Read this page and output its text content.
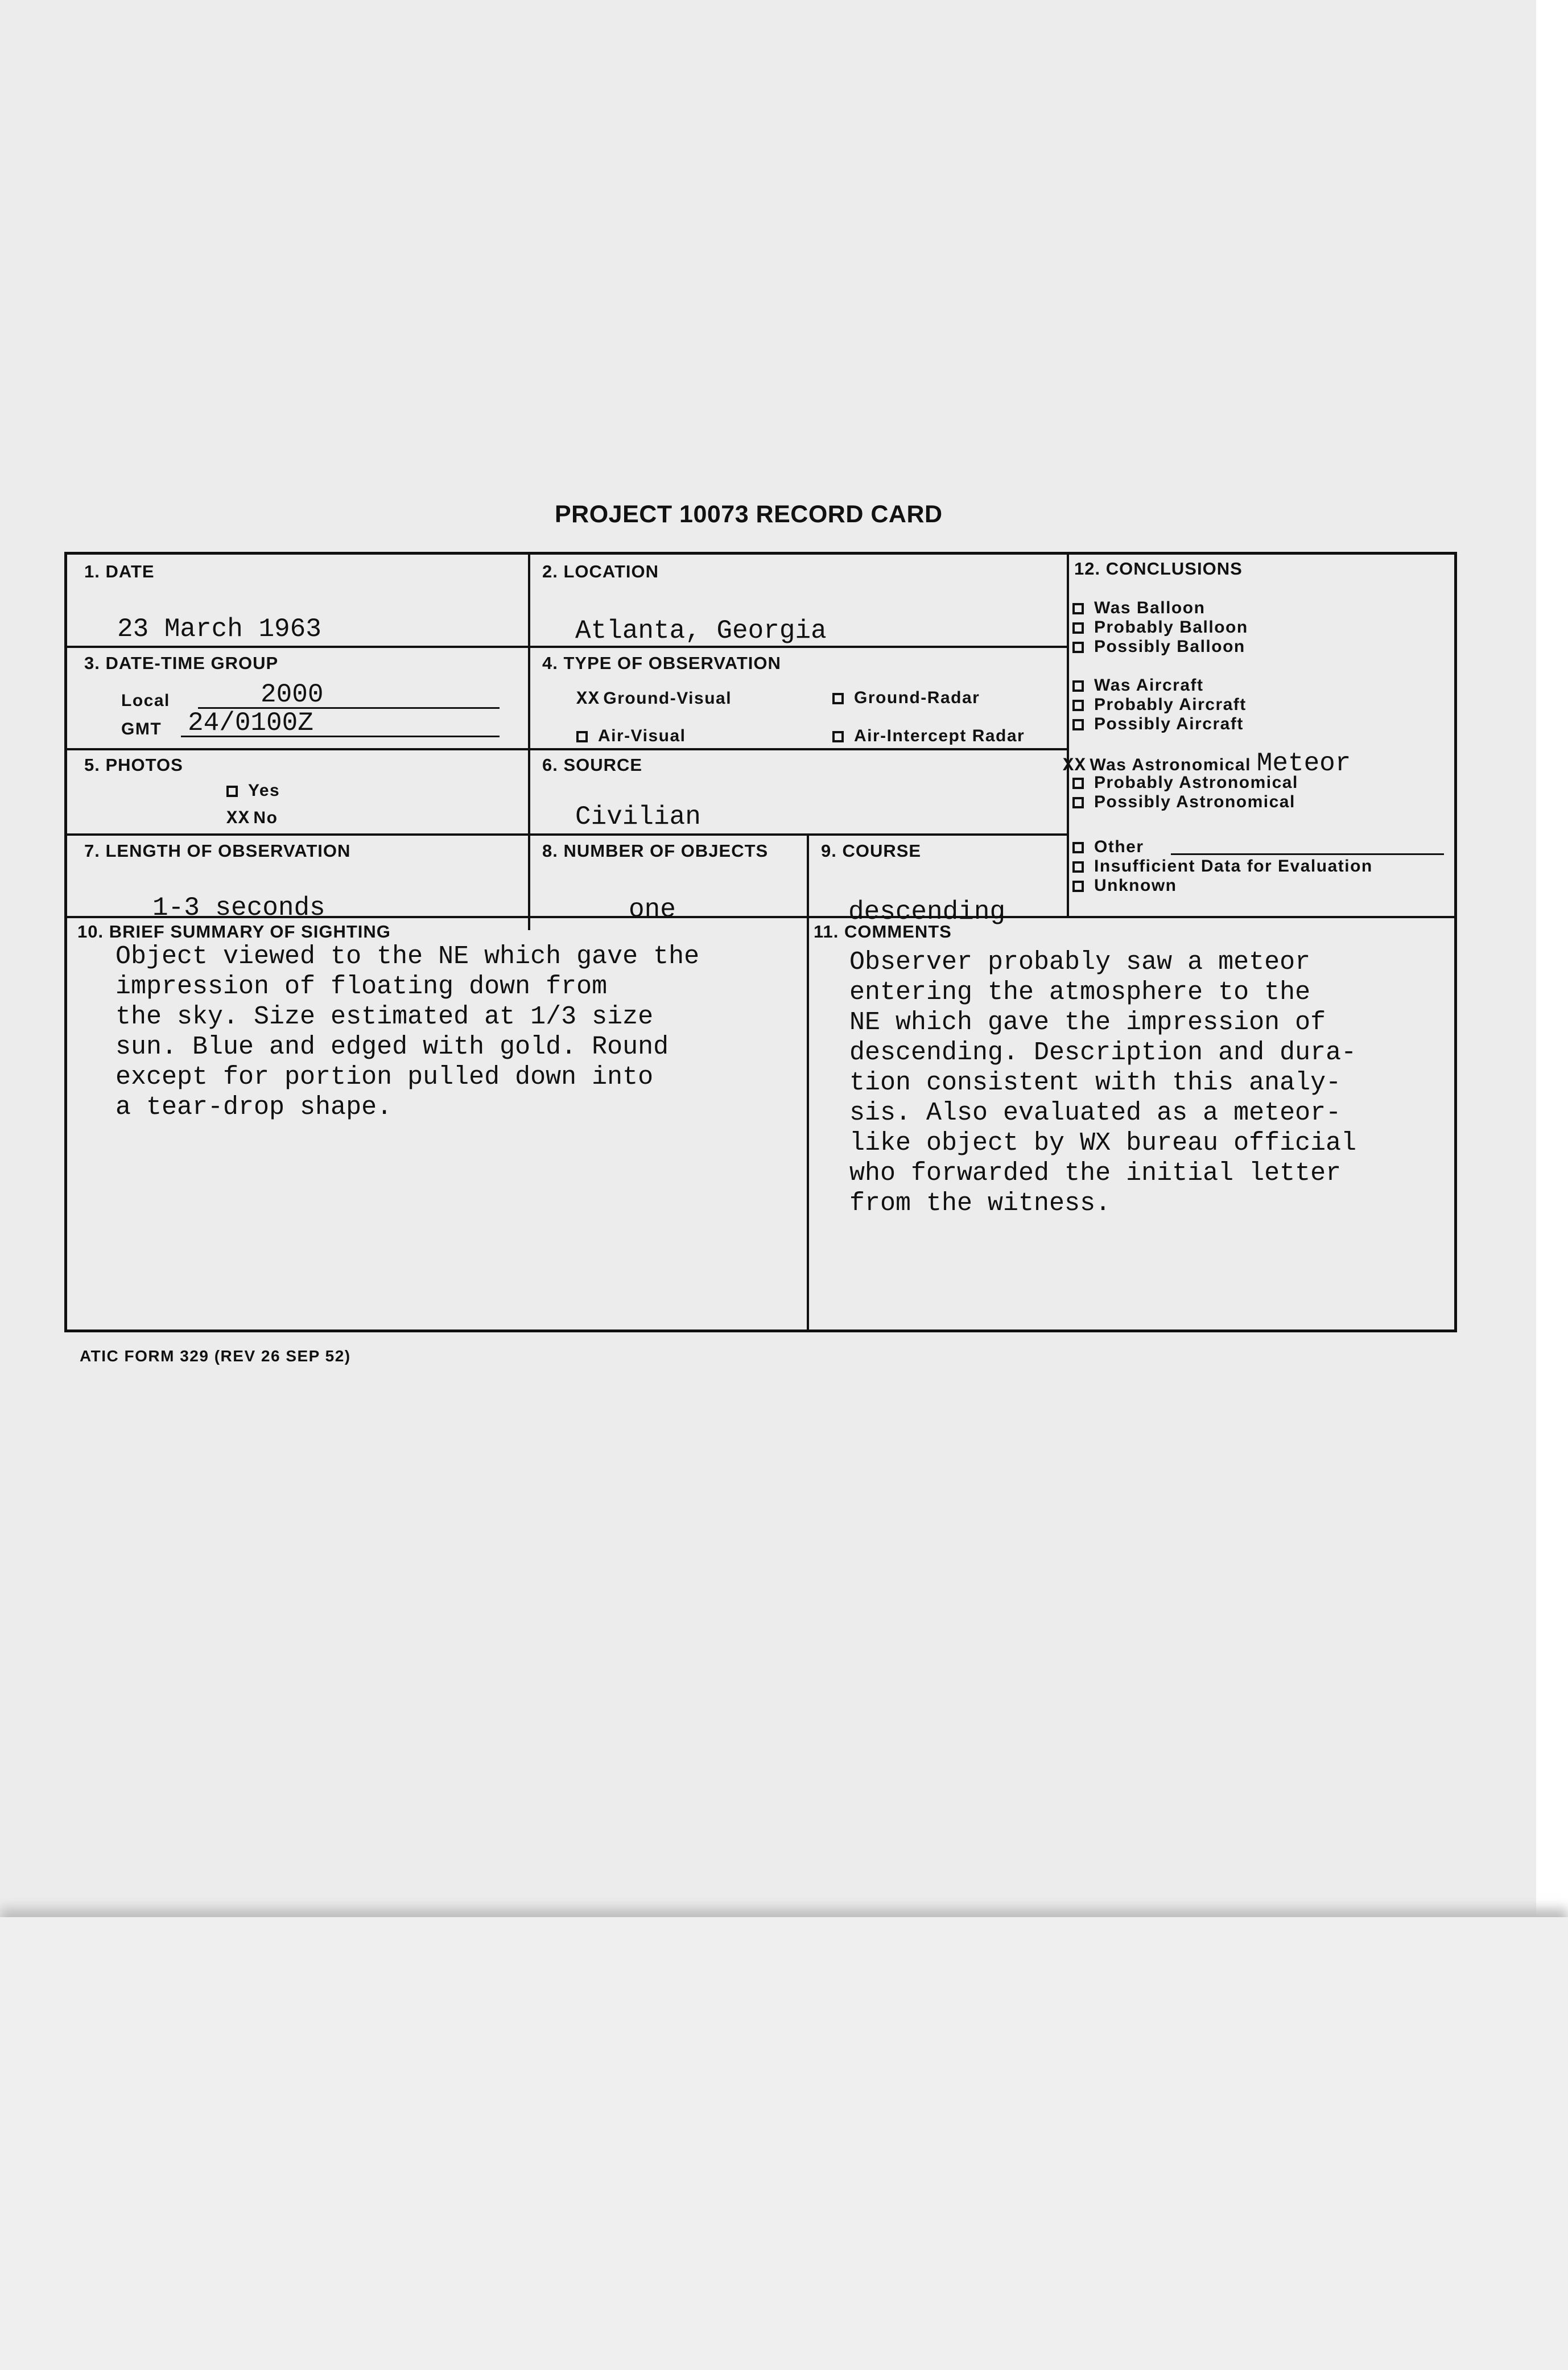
PROJECT 10073 RECORD CARD
1. DATE
23 March 1963
2. LOCATION
Atlanta, Georgia
3. DATE-TIME GROUP
Local	2000
GMT 24/0100Z
4. TYPE OF OBSERVATION
XX Ground-Visual	Ground-Radar
Air-Visual	Air-Intercept Radar
5. PHOTOS
Yes
XX No
6. SOURCE
Civilian
7. LENGTH OF OBSERVATION
1-3 seconds
8. NUMBER OF OBJECTS
one
9. COURSE
descending
10. BRIEF SUMMARY OF SIGHTING
Object viewed to the NE which gave the
impression of floating down from
the sky. Size estimated at 1/3 size
sun. Blue and edged with gold. Round
except for portion pulled down into
a tear-drop shape.
11. COMMENTS
Observer probably saw a meteor
entering the atmosphere to the
NE which gave the impression of
descending. Description and dura-
tion consistent with this analy-
sis. Also evaluated as a meteor-
like object by WX bureau official
who forwarded the initial letter
from the witness.
12. CONCLUSIONS
Was Balloon
Probably Balloon
Possibly Balloon
Was Aircraft
Probably Aircraft
Possibly Aircraft
XX Was Astronomical Meteor
Probably Astronomical
Possibly Astronomical
Other
Insufficient Data for Evaluation
Unknown
ATIC FORM 329 (REV 26 SEP 52)
